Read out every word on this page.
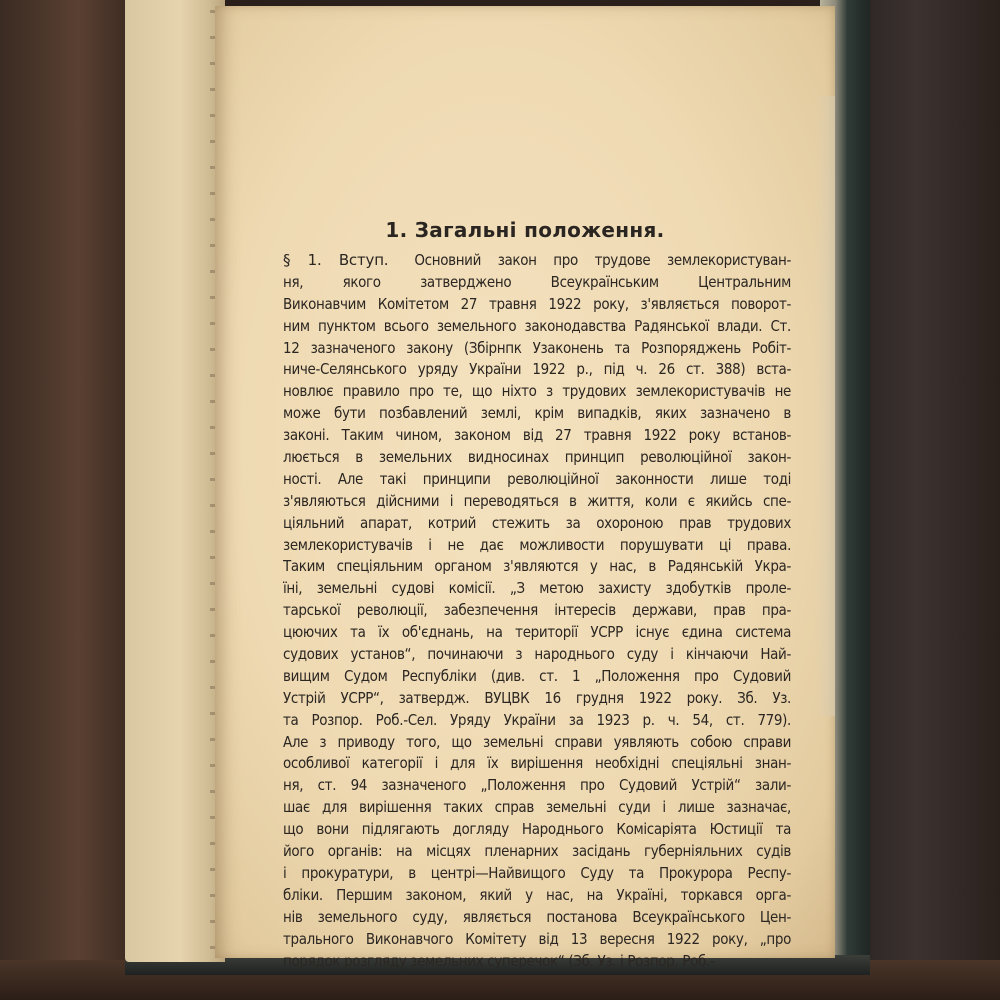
1. Загальні положення.
§ 1. Вступ. Основний закон про трудове землекористуван-
ня, якого затверджено Всеукраїнським Центральним
Виконавчим Комітетом 27 травня 1922 року, з'являється поворот-
ним пунктом всього земельного законодавства Радянської влади. Ст.
12 зазначеного закону (Збірнпк Узаконень та Розпоряджень Робіт-
ниче-Селянського уряду України 1922 р., під ч. 26 ст. 388) вста-
новлює правило про те, що ніхто з трудових землекористувачів не
може бути позбавлений землі, крім випадків, яких зазначено в
законі. Таким чином, законом від 27 травня 1922 року встанов-
люється в земельних видносинах принцип революційної закон-
ності. Але такі принципи революційної законности лише тоді
з'являються дійсними і переводяться в життя, коли є якийсь спе-
ціяльний апарат, котрий стежить за охороною прав трудових
землекористувачів і не дає можливости порушувати ці права.
Таким спеціяльним органом з'являются у нас, в Радянській Укра-
їні, земельні судові комісії. „З метою захисту здобутків проле-
тарської революції, забезпечення інтересів держави, прав пра-
цюючих та їх об'єднань, на території УСРР існує єдина система
судових установ“, починаючи з народнього суду і кінчаючи Най-
вищим Судом Республіки (див. ст. 1 „Положення про Судовий
Устрій УСРР“, затвердж. ВУЦВК 16 грудня 1922 року. Зб. Уз.
та Розпор. Роб.-Сел. Уряду України за 1923 р. ч. 54, ст. 779).
Але з приводу того, що земельні справи уявляють собою справи
особливої категорії і для їх вирішення необхідні спеціяльні знан-
ня, ст. 94 зазначеного „Положення про Судовий Устрій“ зали-
шає для вирішення таких справ земельні суди і лише зазначає,
що вони підлягають догляду Народнього Комісаріята Юстиції та
його органів: на місцях пленарних засідань губерніяльних судів
і прокуратури, в центрі—Найвищого Суду та Прокурора Респу-
бліки. Першим законом, який у нас, на Україні, торкався орга-
нів земельного суду, являється постанова Всеукраїнського Цен-
трального Виконавчого Комітету від 13 вересня 1922 року, „про
порядок розгляду земельних суперечок“ (Зб. Уз. і Розпор. Роб.-
